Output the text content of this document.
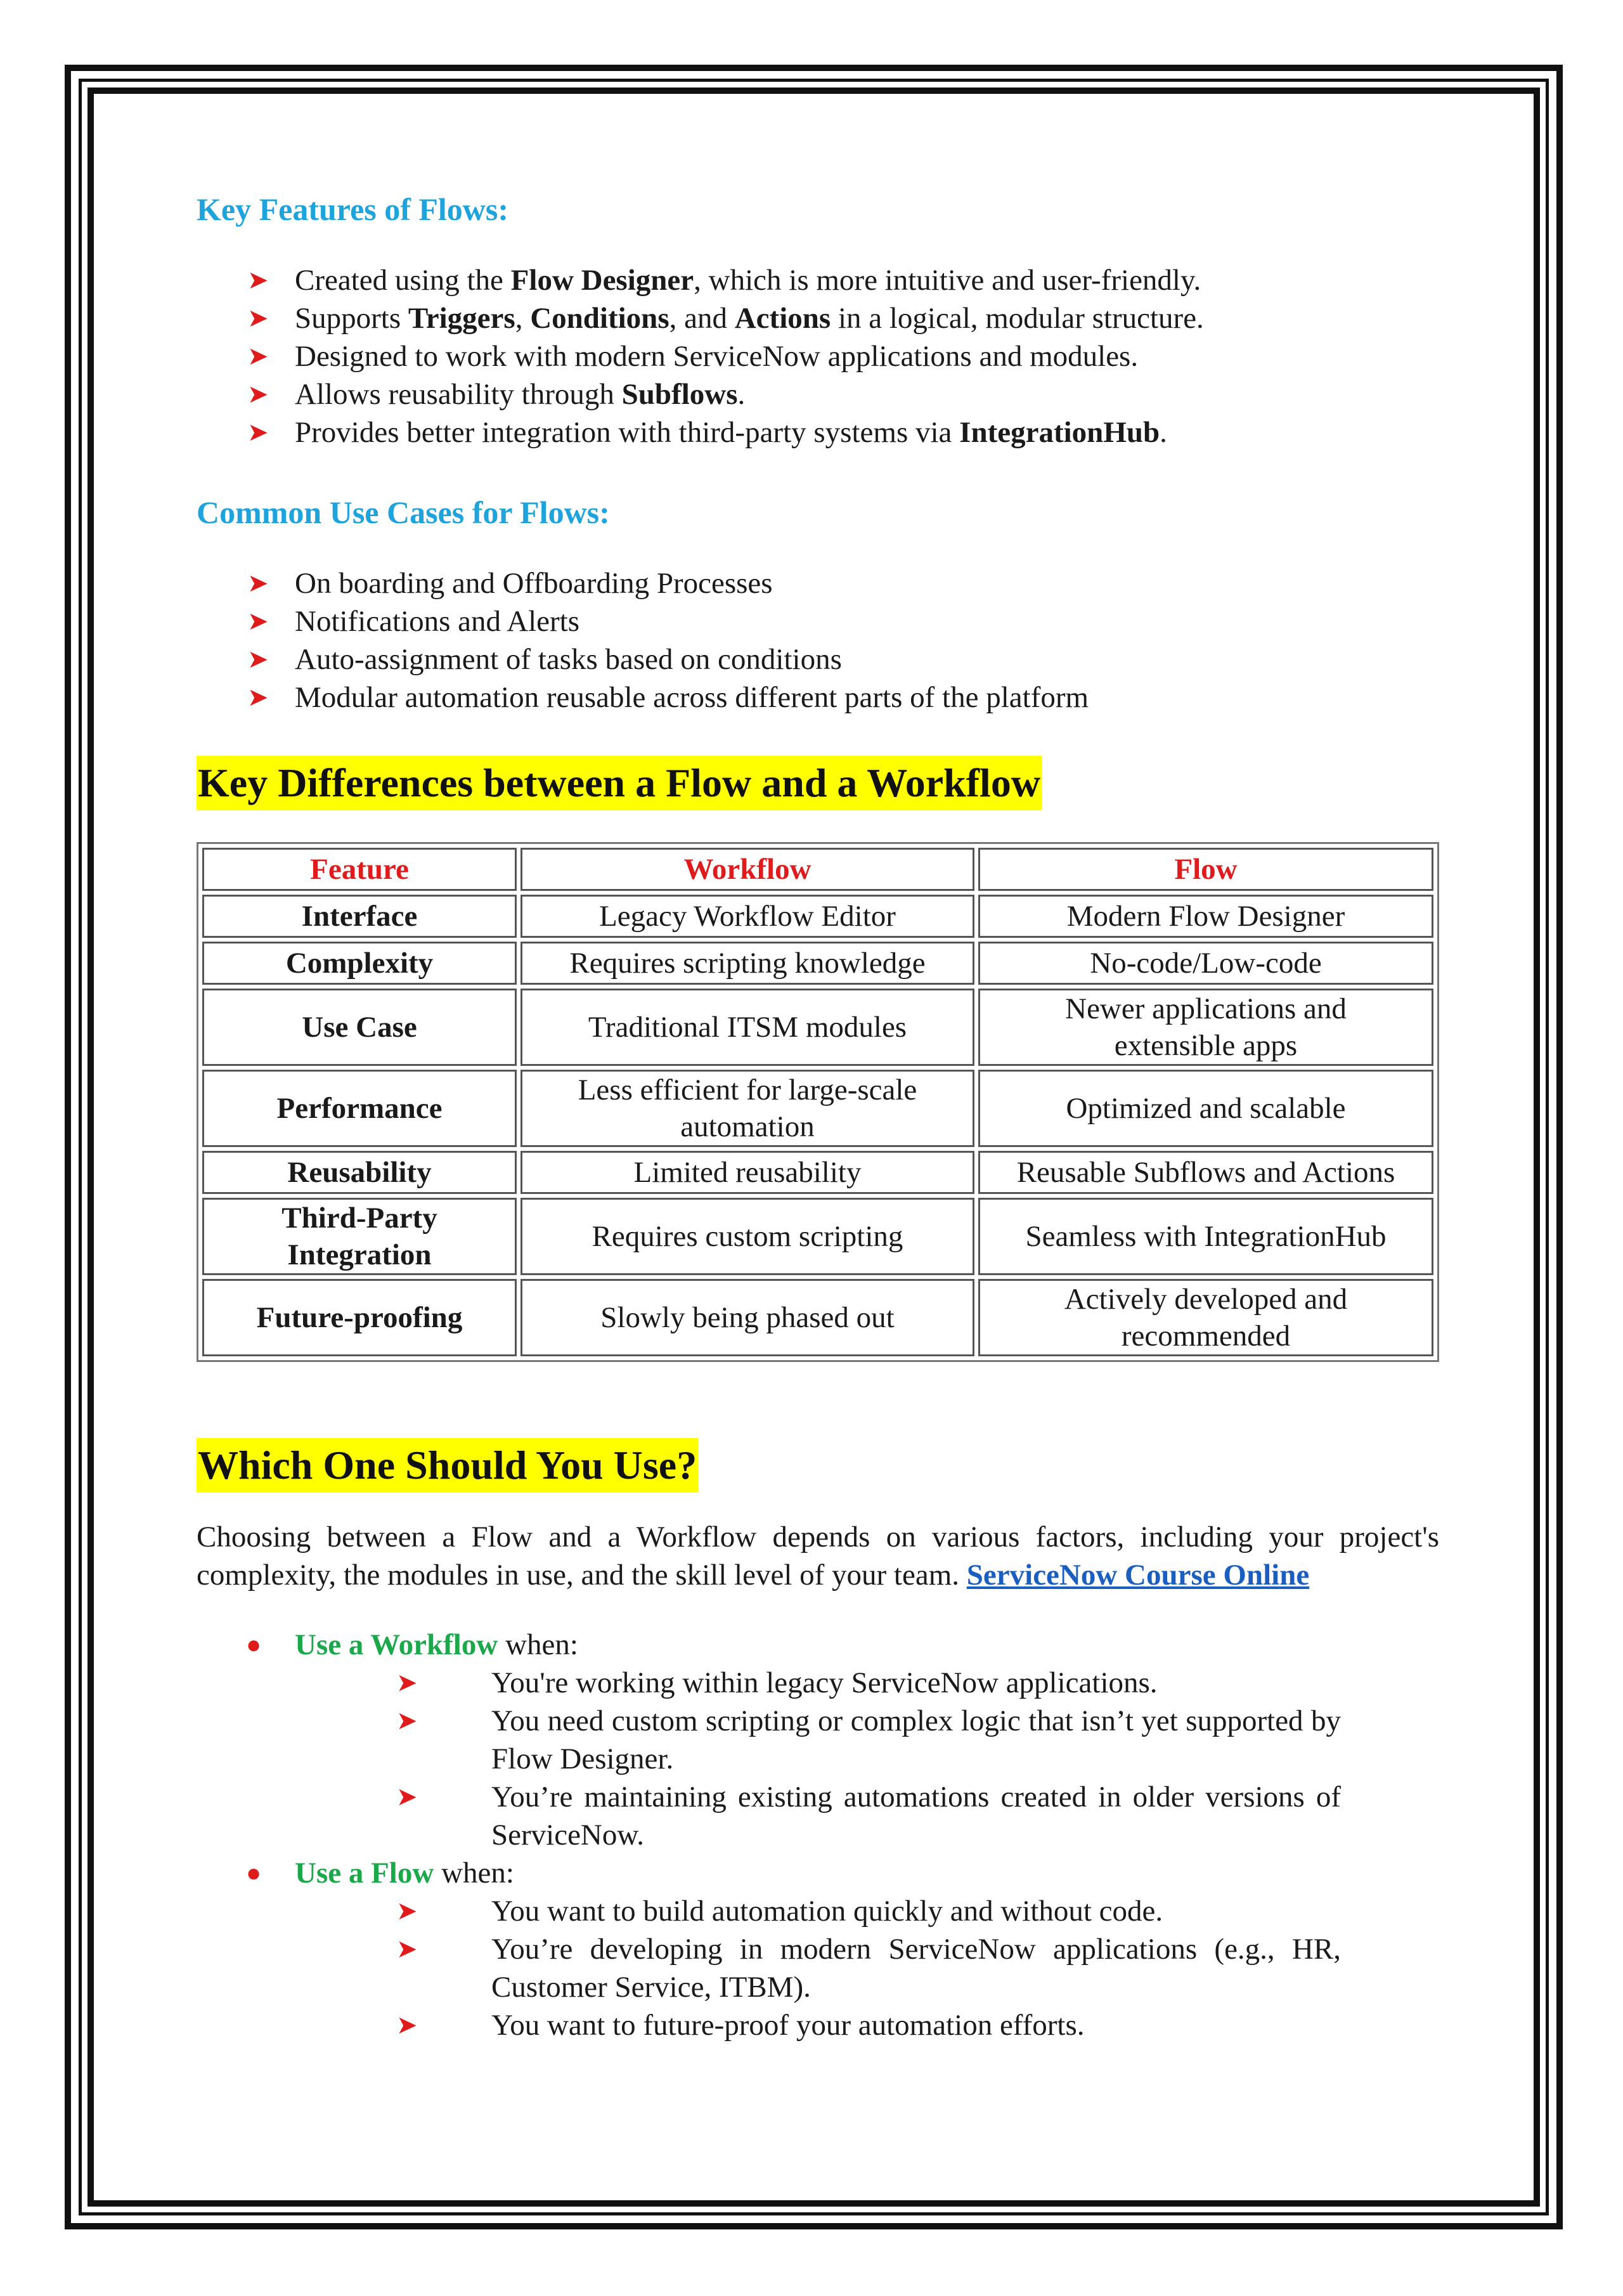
Key Features of Flows:
➤ Created using the Flow Designer, which is more intuitive and user-friendly.
➤ Supports Triggers, Conditions, and Actions in a logical, modular structure.
➤ Designed to work with modern ServiceNow applications and modules.
➤ Allows reusability through Subflows.
➤ Provides better integration with third-party systems via IntegrationHub.
Common Use Cases for Flows:
➤ On boarding and Offboarding Processes
➤ Notifications and Alerts
➤ Auto-assignment of tasks based on conditions
➤ Modular automation reusable across different parts of the platform
Key Differences between a Flow and a Workflow
Feature	Workflow	Flow
Interface	Legacy Workflow Editor	Modern Flow Designer
Complexity	Requires scripting knowledge	No-code/Low-code
Use Case	Traditional ITSM modules	Newer applications and extensible apps
Performance	Less efficient for large-scale automation	Optimized and scalable
Reusability	Limited reusability	Reusable Subflows and Actions
Third-Party Integration	Requires custom scripting	Seamless with IntegrationHub
Future-proofing	Slowly being phased out	Actively developed and recommended
Which One Should You Use?

Choosing between a Flow and a Workflow depends on various factors, including your project's complexity, the modules in use, and the skill level of your team. ServiceNow Course Online

● Use a Workflow when:
➤	You're working within legacy ServiceNow applications.
➤	You need custom scripting or complex logic that isn’t yet supported by Flow Designer.
➤	You’re maintaining existing automations created in older versions of ServiceNow.
● Use a Flow when:
➤	You want to build automation quickly and without code.
➤	You’re developing in modern ServiceNow applications (e.g., HR, Customer Service, ITBM).
➤	You want to future-proof your automation efforts.
